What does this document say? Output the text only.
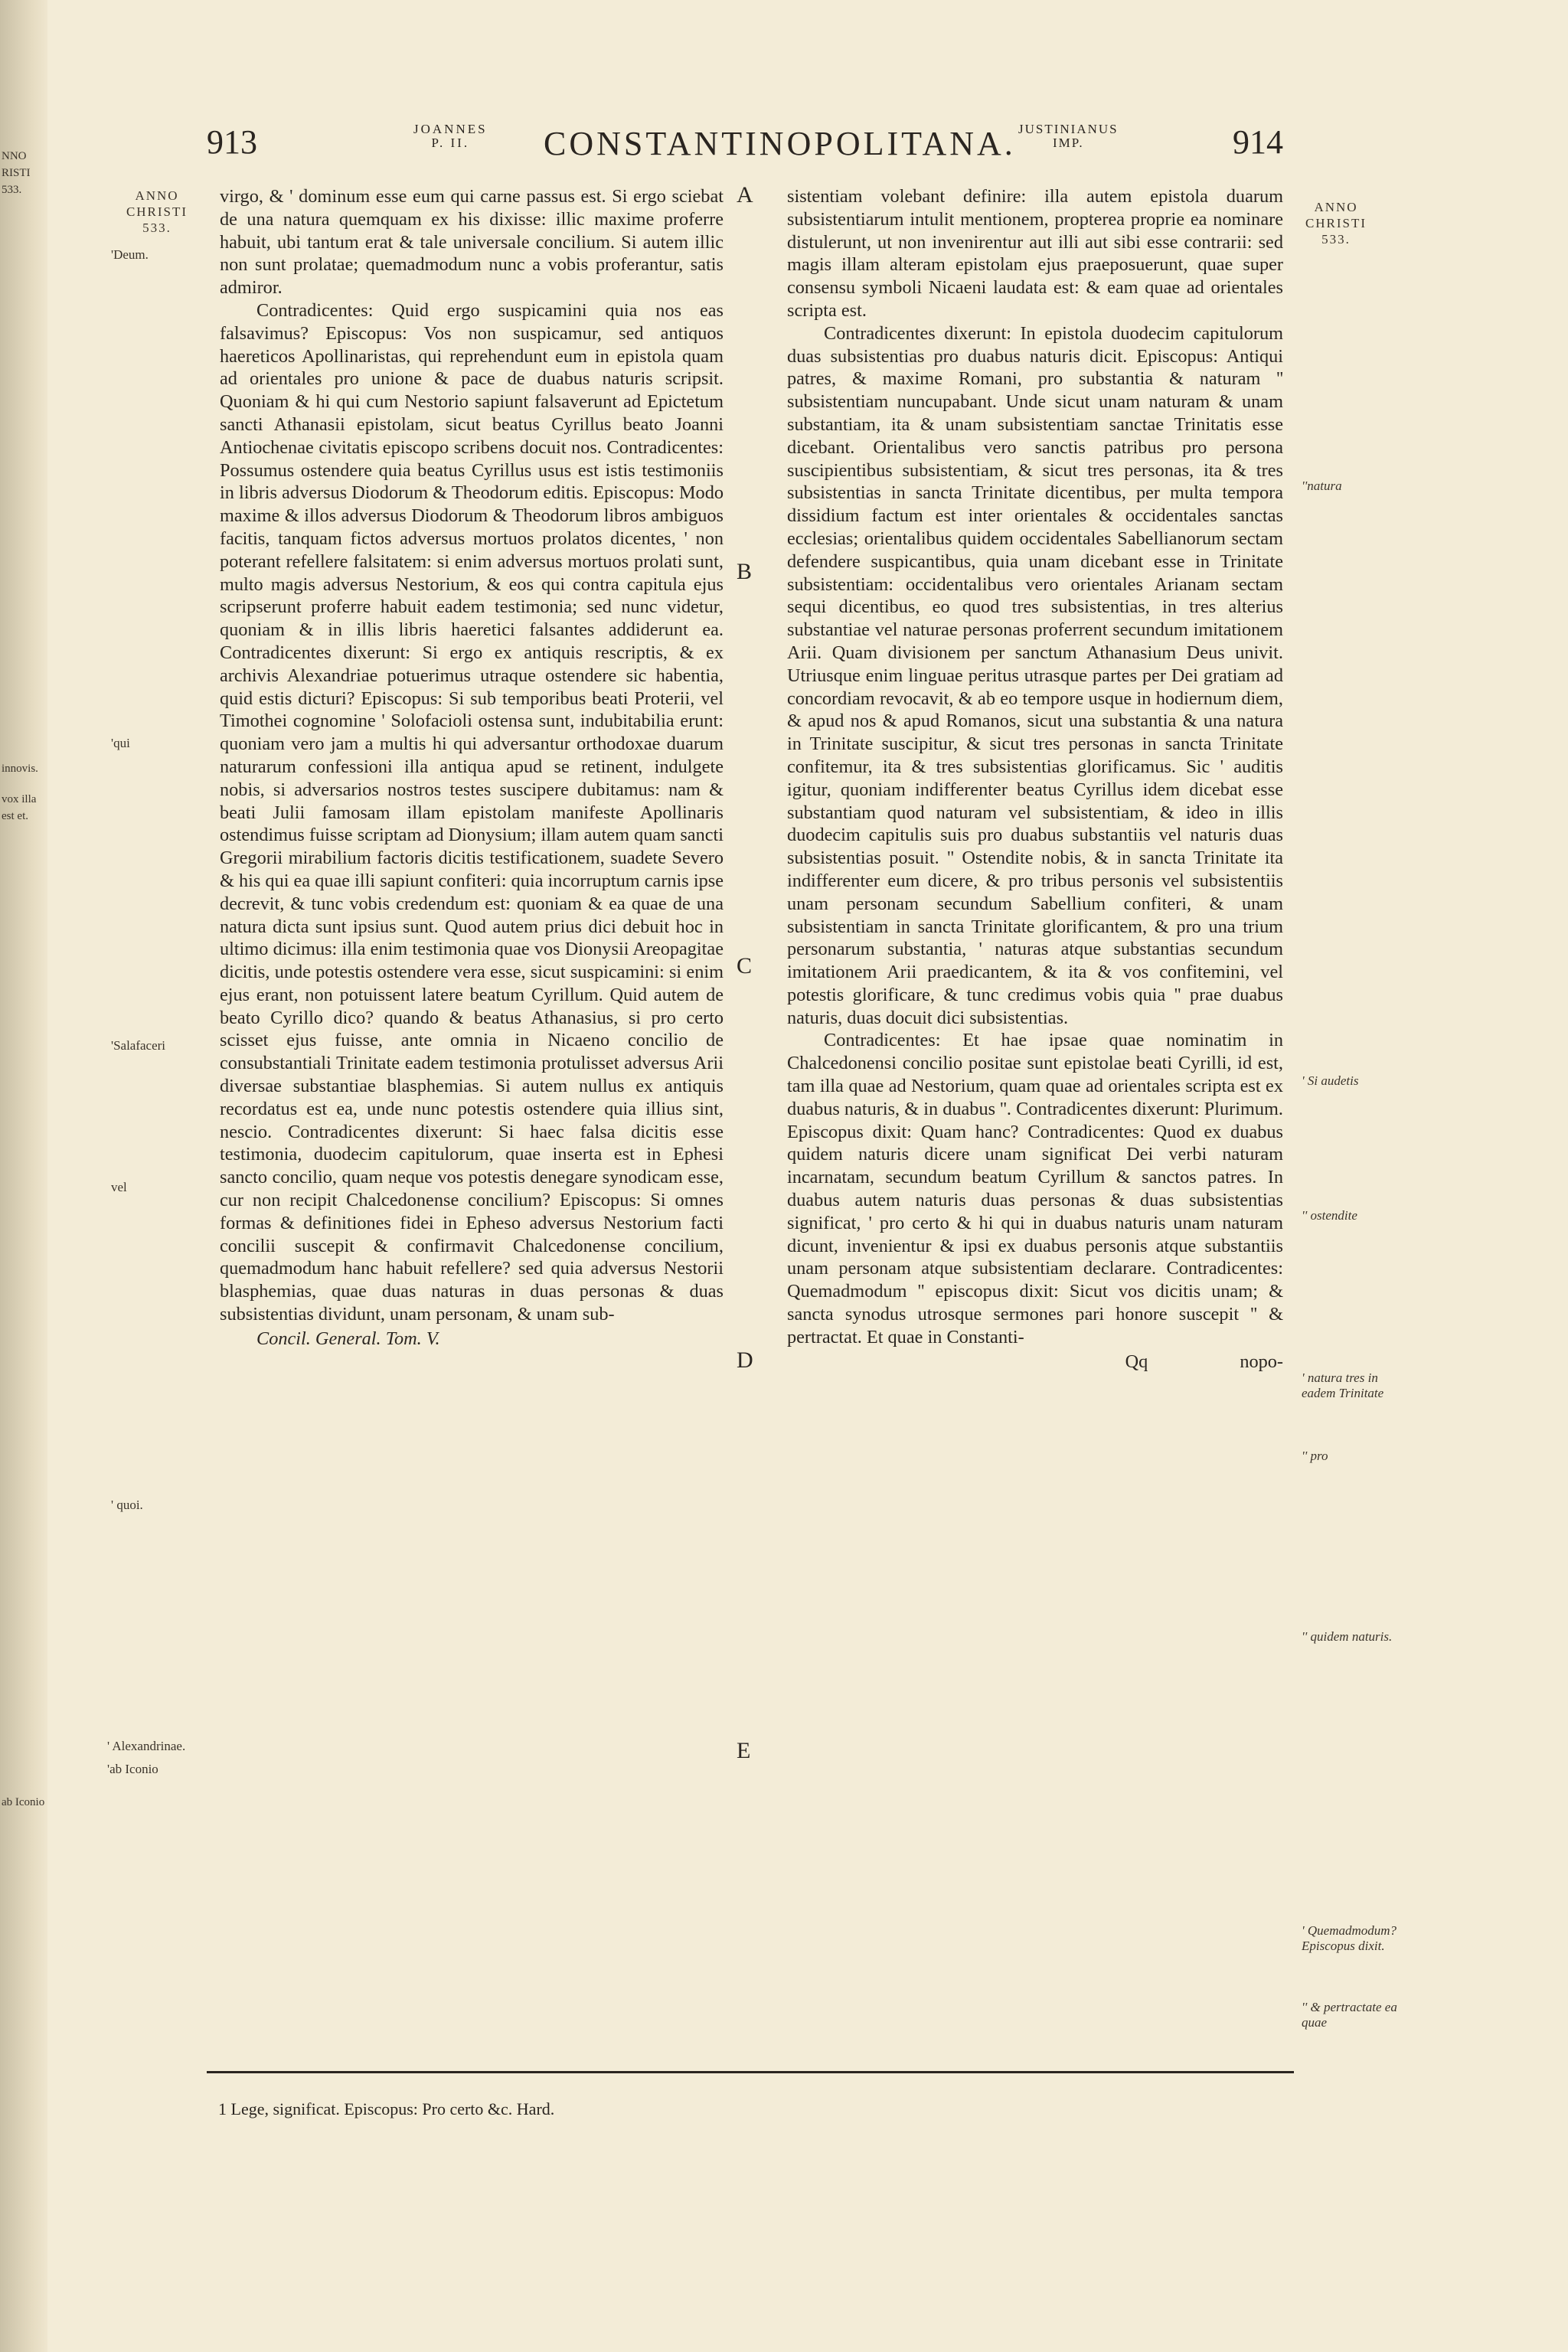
NNO
RISTI
533.
innovis.
vox illa
est et.
ab Iconio
913	JOANNES
P. II.	CONSTANTINOPOLITANA. JUSTINIANUS
IMP.	914
ANNO
CHRISTI
533.
ANNO
CHRISTI
533.
'Deum.
'qui
'Salafaceri
vel
' quoi.
' Alexandrinae.
'ab Iconio

virgo, & ' dominum esse eum qui carne passus est. Si ergo sciebat de una natura quemquam ex his dixisse: illic maxime proferre habuit, ubi tantum erat & tale universale concilium. Si autem illic non sunt prolatae; quemadmodum nunc a vobis proferantur, satis admiror.

Contradicentes: Quid ergo suspicamini quia nos eas falsavimus? Episcopus: Vos non suspicamur, sed antiquos haereticos Apollinaristas, qui reprehendunt eum in epistola quam ad orientales pro unione & pace de duabus naturis scripsit. Quoniam & hi qui cum Nestorio sapiunt falsaverunt ad Epictetum sancti Athanasii epistolam, sicut beatus Cyrillus beato Joanni Antiochenae civitatis episcopo scribens docuit nos. Contradicentes: Possumus ostendere quia beatus Cyrillus usus est istis testimoniis in libris adversus Diodorum & Theodorum editis. Episcopus: Modo maxime & illos adversus Diodorum & Theodorum libros ambiguos facitis, tanquam fictos adversus mortuos prolatos dicentes, ' non poterant refellere falsitatem: si enim adversus mortuos prolati sunt, multo magis adversus Nestorium, & eos qui contra capitula ejus scripserunt proferre habuit eadem testimonia; sed nunc videtur, quoniam & in illis libris haeretici falsantes addiderunt ea. Contradicentes dixerunt: Si ergo ex antiquis rescriptis, & ex archivis Alexandriae potuerimus utraque ostendere sic habentia, quid estis dicturi? Episcopus: Si sub temporibus beati Proterii, vel Timothei cognomine ' Solofacioli ostensa sunt, indubitabilia erunt: quoniam vero jam a multis hi qui adversantur orthodoxae duarum naturarum confessioni illa antiqua apud se retinent, indulgete nobis, si adversarios nostros testes suscipere dubitamus: nam & beati Julii famosam illam epistolam manifeste Apollinaris ostendimus fuisse scriptam ad Dionysium; illam autem quam sancti Gregorii mirabilium factoris dicitis testificationem, suadete Severo & his qui ea quae illi sapiunt confiteri: quia incorruptum carnis ipse decrevit, & tunc vobis credendum est: quoniam & ea quae de una natura dicta sunt ipsius sunt. Quod autem prius dici debuit hoc in ultimo dicimus: illa enim testimonia quae vos Dionysii Areopagitae dicitis, unde potestis ostendere vera esse, sicut suspicamini: si enim ejus erant, non potuissent latere beatum Cyrillum. Quid autem de beato Cyrillo dico? quando & beatus Athanasius, si pro certo scisset ejus fuisse, ante omnia in Nicaeno concilio de consubstantiali Trinitate eadem testimonia protulisset adversus Arii diversae substantiae blasphemias. Si autem nullus ex antiquis recordatus est ea, unde nunc potestis ostendere quia illius sint, nescio. Contradicentes dixerunt: Si haec falsa dicitis esse testimonia, duodecim capitulorum, quae inserta est in Ephesi sancto concilio, quam neque vos potestis denegare synodicam esse, cur non recipit Chalcedonense concilium? Episcopus: Si omnes formas & definitiones fidei in Epheso adversus Nestorium facti concilii suscepit & confirmavit Chalcedonense concilium, quemadmodum hanc habuit refellere? sed quia adversus Nestorii blasphemias, quae duas naturas in duas personas & duas subsistentias dividunt, unam personam, & unam sub-

Concil. General. Tom. V.

A
B
C
D
E

sistentiam volebant definire: illa autem epistola duarum subsistentiarum intulit mentionem, propterea proprie ea nominare distulerunt, ut non invenirentur aut illi aut sibi esse contrarii: sed magis illam alteram epistolam ejus praeposuerunt, quae super consensu symboli Nicaeni laudata est: & eam quae ad orientales scripta est.

Contradicentes dixerunt: In epistola duodecim capitulorum duas subsistentias pro duabus naturis dicit. Episcopus: Antiqui patres, & maxime Romani, pro substantia & naturam '' subsistentiam nuncupabant. Unde sicut unam naturam & unam substantiam, ita & unam subsistentiam sanctae Trinitatis esse dicebant. Orientalibus vero sanctis patribus pro persona suscipientibus subsistentiam, & sicut tres personas, ita & tres subsistentias in sancta Trinitate dicentibus, per multa tempora dissidium factum est inter orientales & occidentales sanctas ecclesias; orientalibus quidem occidentales Sabellianorum sectam defendere suspicantibus, quia unam dicebant esse in Trinitate subsistentiam: occidentalibus vero orientales Arianam sectam sequi dicentibus, eo quod tres subsistentias, in tres alterius substantiae vel naturae personas proferrent secundum imitationem Arii. Quam divisionem per sanctum Athanasium Deus univit. Utriusque enim linguae peritus utrasque partes per Dei gratiam ad concordiam revocavit, & ab eo tempore usque in hodiernum diem, & apud nos & apud Romanos, sicut una substantia & una natura in Trinitate suscipitur, & sicut tres personas in sancta Trinitate confitemur, ita & tres subsistentias glorificamus. Sic ' auditis igitur, quoniam indifferenter beatus Cyrillus idem dicebat esse substantiam quod naturam vel subsistentiam, & ideo in illis duodecim capitulis suis pro duabus substantiis vel naturis duas subsistentias posuit. '' Ostendite nobis, & in sancta Trinitate ita indifferenter eum dicere, & pro tribus personis vel subsistentiis unam personam secundum Sabellium confiteri, & unam subsistentiam in sancta Trinitate glorificantem, & pro una trium personarum substantia, ' naturas atque substantias secundum imitationem Arii praedicantem, & ita & vos confitemini, vel potestis glorificare, & tunc credimus vobis quia '' prae duabus naturis, duas docuit dici subsistentias.

Contradicentes: Et hae ipsae quae nominatim in Chalcedonensi concilio positae sunt epistolae beati Cyrilli, id est, tam illa quae ad Nestorium, quam quae ad orientales scripta est ex duabus naturis, & in duabus ''. Contradicentes dixerunt: Plurimum. Episcopus dixit: Quam hanc? Contradicentes: Quod ex duabus quidem naturis dicere unam significat Dei verbi naturam incarnatam, secundum beatum Cyrillum & sanctos patres. In duabus autem naturis duas personas & duas subsistentias significat, ' pro certo & hi qui in duabus naturis unam naturam dicunt, invenientur & ipsi ex duabus personis atque substantiis unam personam atque subsistentiam declarare. Contradicentes: Quemadmodum '' episcopus dixit: Sicut vos dicitis unam; & sancta synodus utrosque sermones pari honore suscepit '' & pertractat. Et quae in Constanti-

Qq	nopo-

''natura
' Si audetis
'' ostendite
' natura tres in eadem Trinitate
'' pro
'' quidem naturis.
' Quemadmodum? Episcopus dixit.
'' & pertractate ea quae
1 Lege, significat. Episcopus: Pro certo &c. Hard.
